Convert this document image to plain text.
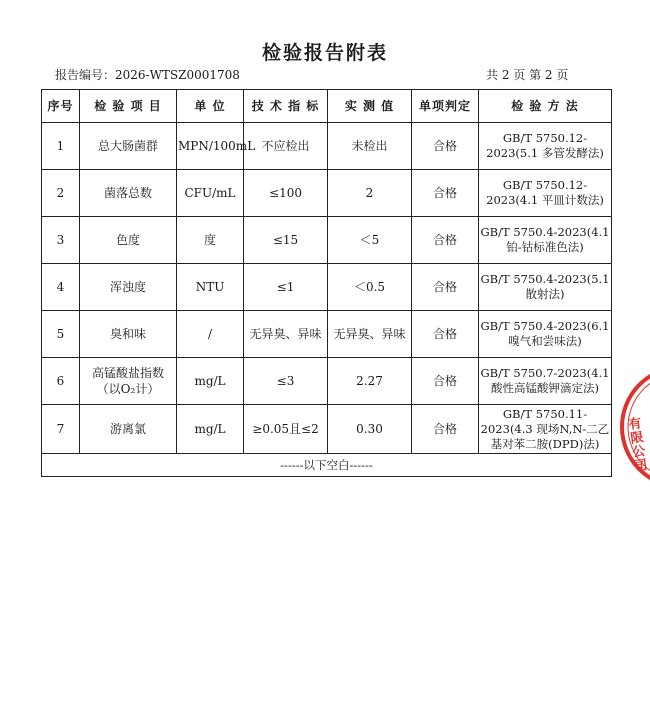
检验报告附表
报告编号：2026-WTSZ0001708	共 2 页 第 2 页
序号	检 验 项 目	单 位	技 术 指 标	实 测 值	单项判定	检 验 方 法
1	总大肠菌群	MPN/100mL	不应检出	未检出	合格	GB/T 5750.12-2023(5.1 多管发酵法)
2	菌落总数	CFU/mL	≤100	2	合格	GB/T 5750.12-2023(4.1 平皿计数法)
3	色度	度	≤15	＜5	合格	GB/T 5750.4-2023(4.1铂-钴标准色法)
4	浑浊度	NTU	≤1	＜0.5	合格	GB/T 5750.4-2023(5.1 散射法)
5	臭和味	/	无异臭、异味	无异臭、异味	合格	GB/T 5750.4-2023(6.1 嗅气和尝味法)
6	高锰酸盐指数（以O₂计）	mg/L	≤3	2.27	合格	GB/T 5750.7-2023(4.1 酸性高锰酸钾滴定法)
7	游离氯	mg/L	≥0.05且≤2	0.30	合格	GB/T 5750.11-2023(4.3 现场N,N-二乙基对苯二胺(DPD)法)
------以下空白------							有限公司
